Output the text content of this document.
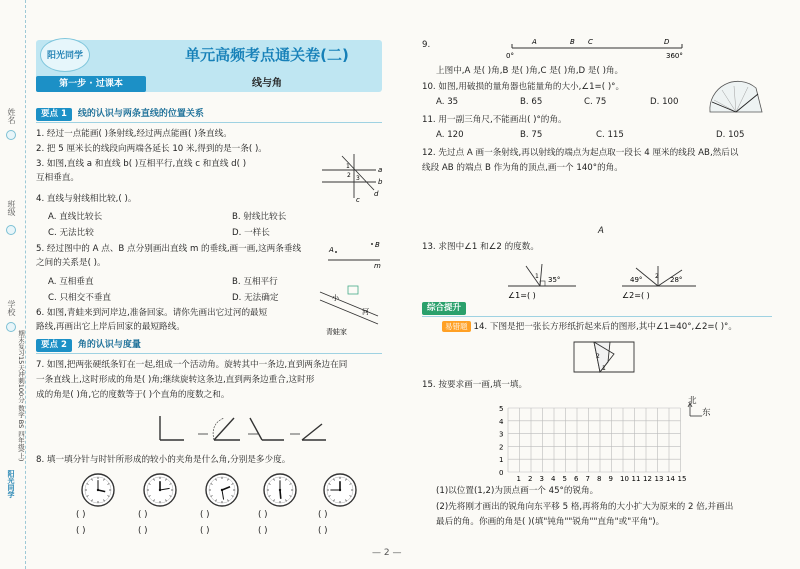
姓名
班级
学校
阳光同学
期末复习15天冲刺100分 数学 BS 四年级(上)
阳光同学
第一步 · 过课本
单元高频考点通关卷(二)
线与角
要点 1 线的认识与两条直线的位置关系
1. 经过一点能画( )条射线,经过两点能画( )条直线。
2. 把 5 厘米长的线段向两端各延长 10 米,得到的是一条( )。
3. 如图,直线 a 和直线 b( )互相平行,直线 c 和直线 d( )
互相垂直。
a
b
c
d
1
2 3
4. 直线与射线相比较,( )。
A. 直线比较长	B. 射线比较长
C. 无法比较	D. 一样长
5. 经过图中的 A 点、B 点分别画出直线 m 的垂线,画一画,这两条垂线
之间的关系是( )。
A
B
m
A. 互相垂直	B. 互相平行
C. 只相交不垂直	D. 无法确定
6. 如图,青蛙来到河岸边,准备回家。请你先画出它过河的最短
路线,再画出它上岸后回家的最短路线。
小
河
青蛙家
要点 2 角的认识与度量
7. 如图,把两张硬纸条钉在一起,组成一个活动角。旋转其中一条边,直到两条边在同
一条直线上,这时形成的角是( )角;继续旋转这条边,直到两条边重合,这时形
成的角是( )角,它的度数等于( )个直角的度数之和。
8. 填一填分针与时针所形成的较小的夹角是什么角,分别是多少度。
( )
( )
( )
( )
( )
( )
( )
( )
( )
( )
9.	A	B C	D
0°	360°
上图中,A 是( )角,B 是( )角,C 是( )角,D 是( )角。
10. 如图,用破损的量角器也能量角的大小,∠1=( )°。
A. 35	B. 65	C. 75	D. 100
11. 用一副三角尺,不能画出( )°的角。
A. 120	B. 75	C. 115	D. 105
12. 先过点 A 画一条射线,再以射线的端点为起点取一段长 4 厘米的线段 AB,然后以
线段 AB 的端点 B 作为角的顶点,画一个 140°的角。
A
13. 求图中∠1 和∠2 的度数。
35°
1
∠1=( )
49°	28°
2
∠2=( )
综合提升
易错题 14. 下图是把一张长方形纸折起来后的图形,其中∠1=40°,∠2=( )°。
2
1
15. 按要求画一画,填一填。
5
4
3
2
1
0
1 2 3 4 5 6 7 8 9 10 11 12 13 14 15
北
东
(1)以位置(1,2)为顶点画一个 45°的锐角。
(2)先将刚才画出的锐角向东平移 5 格,再将角的大小扩大为原来的 2 倍,并画出
最后的角。你画的角是( )(填"钝角""锐角""直角"或"平角")。
— 2 —
